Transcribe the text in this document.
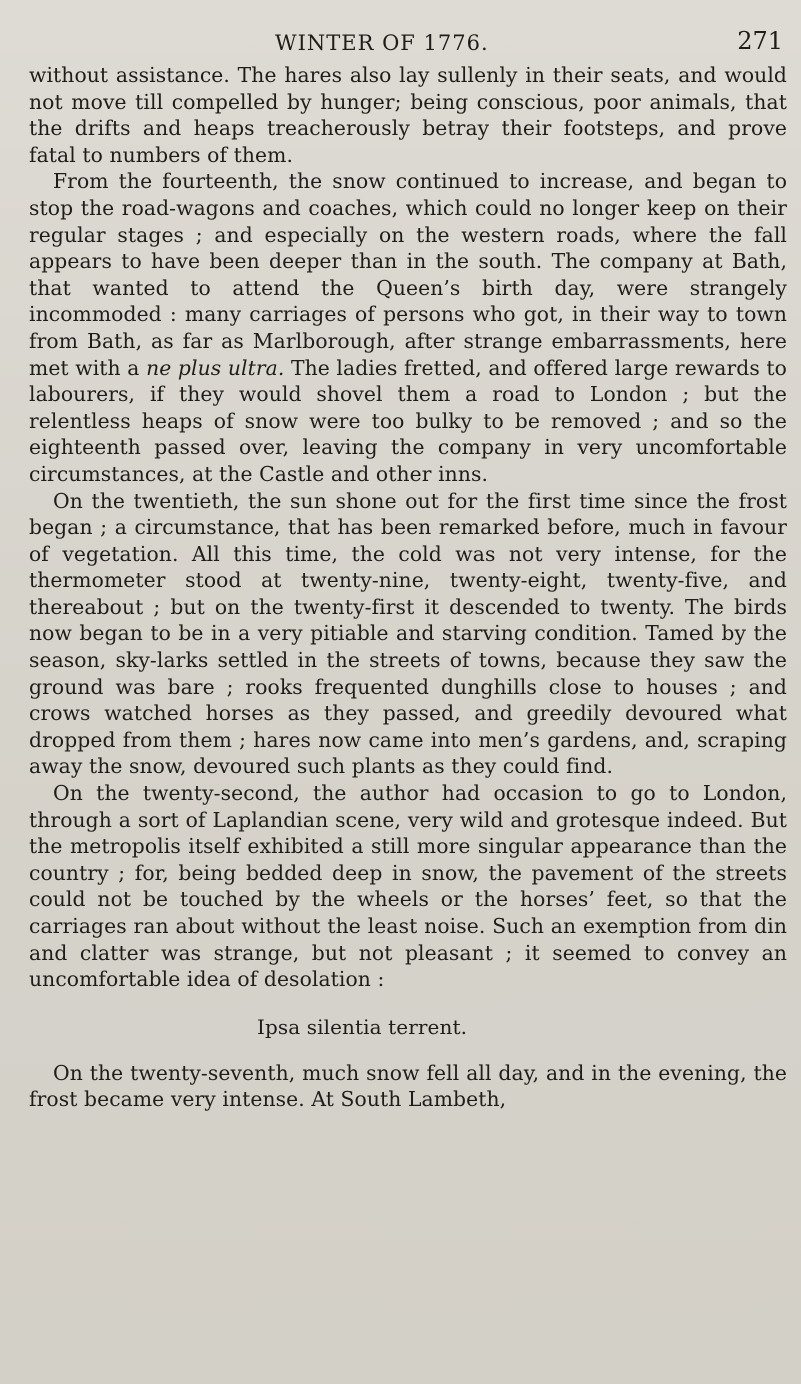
WINTER OF 1776.	271

without assistance. The hares also lay sullenly in their seats, and would not move till compelled by hunger; being conscious, poor animals, that the drifts and heaps treacherously betray their footsteps, and prove fatal to numbers of them.

From the fourteenth, the snow continued to increase, and began to stop the road-wagons and coaches, which could no longer keep on their regular stages ; and especially on the western roads, where the fall appears to have been deeper than in the south. The company at Bath, that wanted to attend the Queen’s birth day, were strangely incommoded : many carriages of persons who got, in their way to town from Bath, as far as Marlborough, after strange embarrassments, here met with a ne plus ultra. The ladies fretted, and offered large rewards to labourers, if they would shovel them a road to London ; but the relentless heaps of snow were too bulky to be removed ; and so the eighteenth passed over, leaving the company in very uncomfortable circumstances, at the Castle and other inns.

On the twentieth, the sun shone out for the first time since the frost began ; a circumstance, that has been remarked before, much in favour of vegetation. All this time, the cold was not very intense, for the thermometer stood at twenty-nine, twenty-eight, twenty-five, and thereabout ; but on the twenty-first it descended to twenty. The birds now began to be in a very pitiable and starving condition. Tamed by the season, sky-larks settled in the streets of towns, because they saw the ground was bare ; rooks frequented dunghills close to houses ; and crows watched horses as they passed, and greedily devoured what dropped from them ; hares now came into men’s gardens, and, scraping away the snow, devoured such plants as they could find.

On the twenty-second, the author had occasion to go to London, through a sort of Laplandian scene, very wild and grotesque indeed. But the metropolis itself exhibited a still more singular appearance than the country ; for, being bedded deep in snow, the pavement of the streets could not be touched by the wheels or the horses’ feet, so that the carriages ran about without the least noise. Such an exemption from din and clatter was strange, but not pleasant ; it seemed to convey an uncomfortable idea of desolation :

Ipsa silentia terrent.

On the twenty-seventh, much snow fell all day, and in the evening, the frost became very intense. At South Lambeth,
